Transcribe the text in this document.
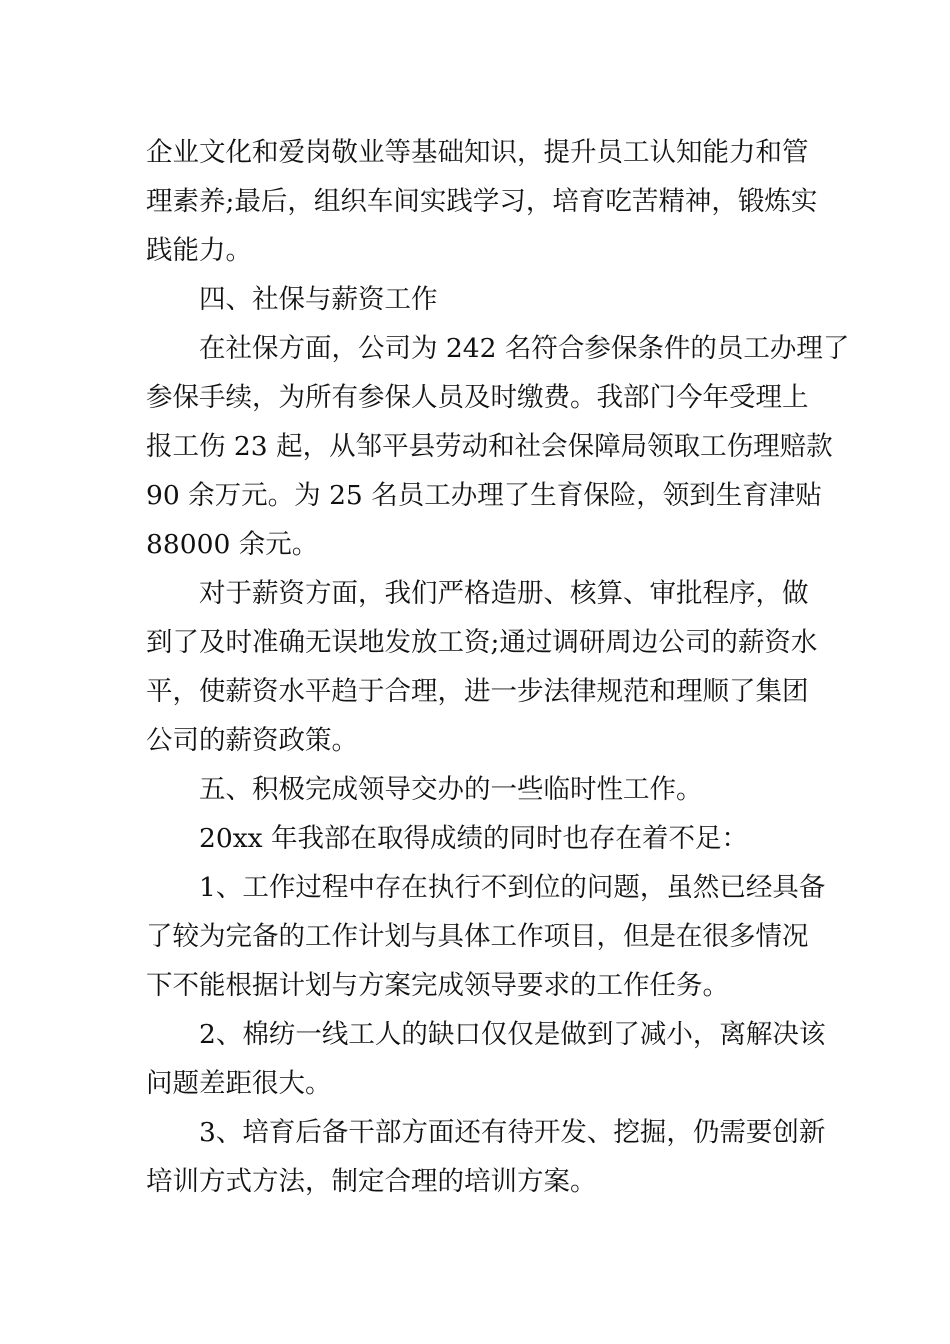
企业文化和爱岗敬业等基础知识，提升员工认知能力和管
理素养;最后，组织车间实践学习，培育吃苦精神，锻炼实
践能力。
四、社保与薪资工作
在社保方面，公司为 242 名符合参保条件的员工办理了
参保手续，为所有参保人员及时缴费。我部门今年受理上
报工伤 23 起，从邹平县劳动和社会保障局领取工伤理赔款
90 余万元。为 25 名员工办理了生育保险，领到生育津贴
88000 余元。
对于薪资方面，我们严格造册、核算、审批程序，做
到了及时准确无误地发放工资;通过调研周边公司的薪资水
平，使薪资水平趋于合理，进一步法律规范和理顺了集团
公司的薪资政策。
五、积极完成领导交办的一些临时性工作。
20xx 年我部在取得成绩的同时也存在着不足：
1、工作过程中存在执行不到位的问题，虽然已经具备
了较为完备的工作计划与具体工作项目，但是在很多情况
下不能根据计划与方案完成领导要求的工作任务。
2、棉纺一线工人的缺口仅仅是做到了减小，离解决该
问题差距很大。
3、培育后备干部方面还有待开发、挖掘，仍需要创新
培训方式方法，制定合理的培训方案。
